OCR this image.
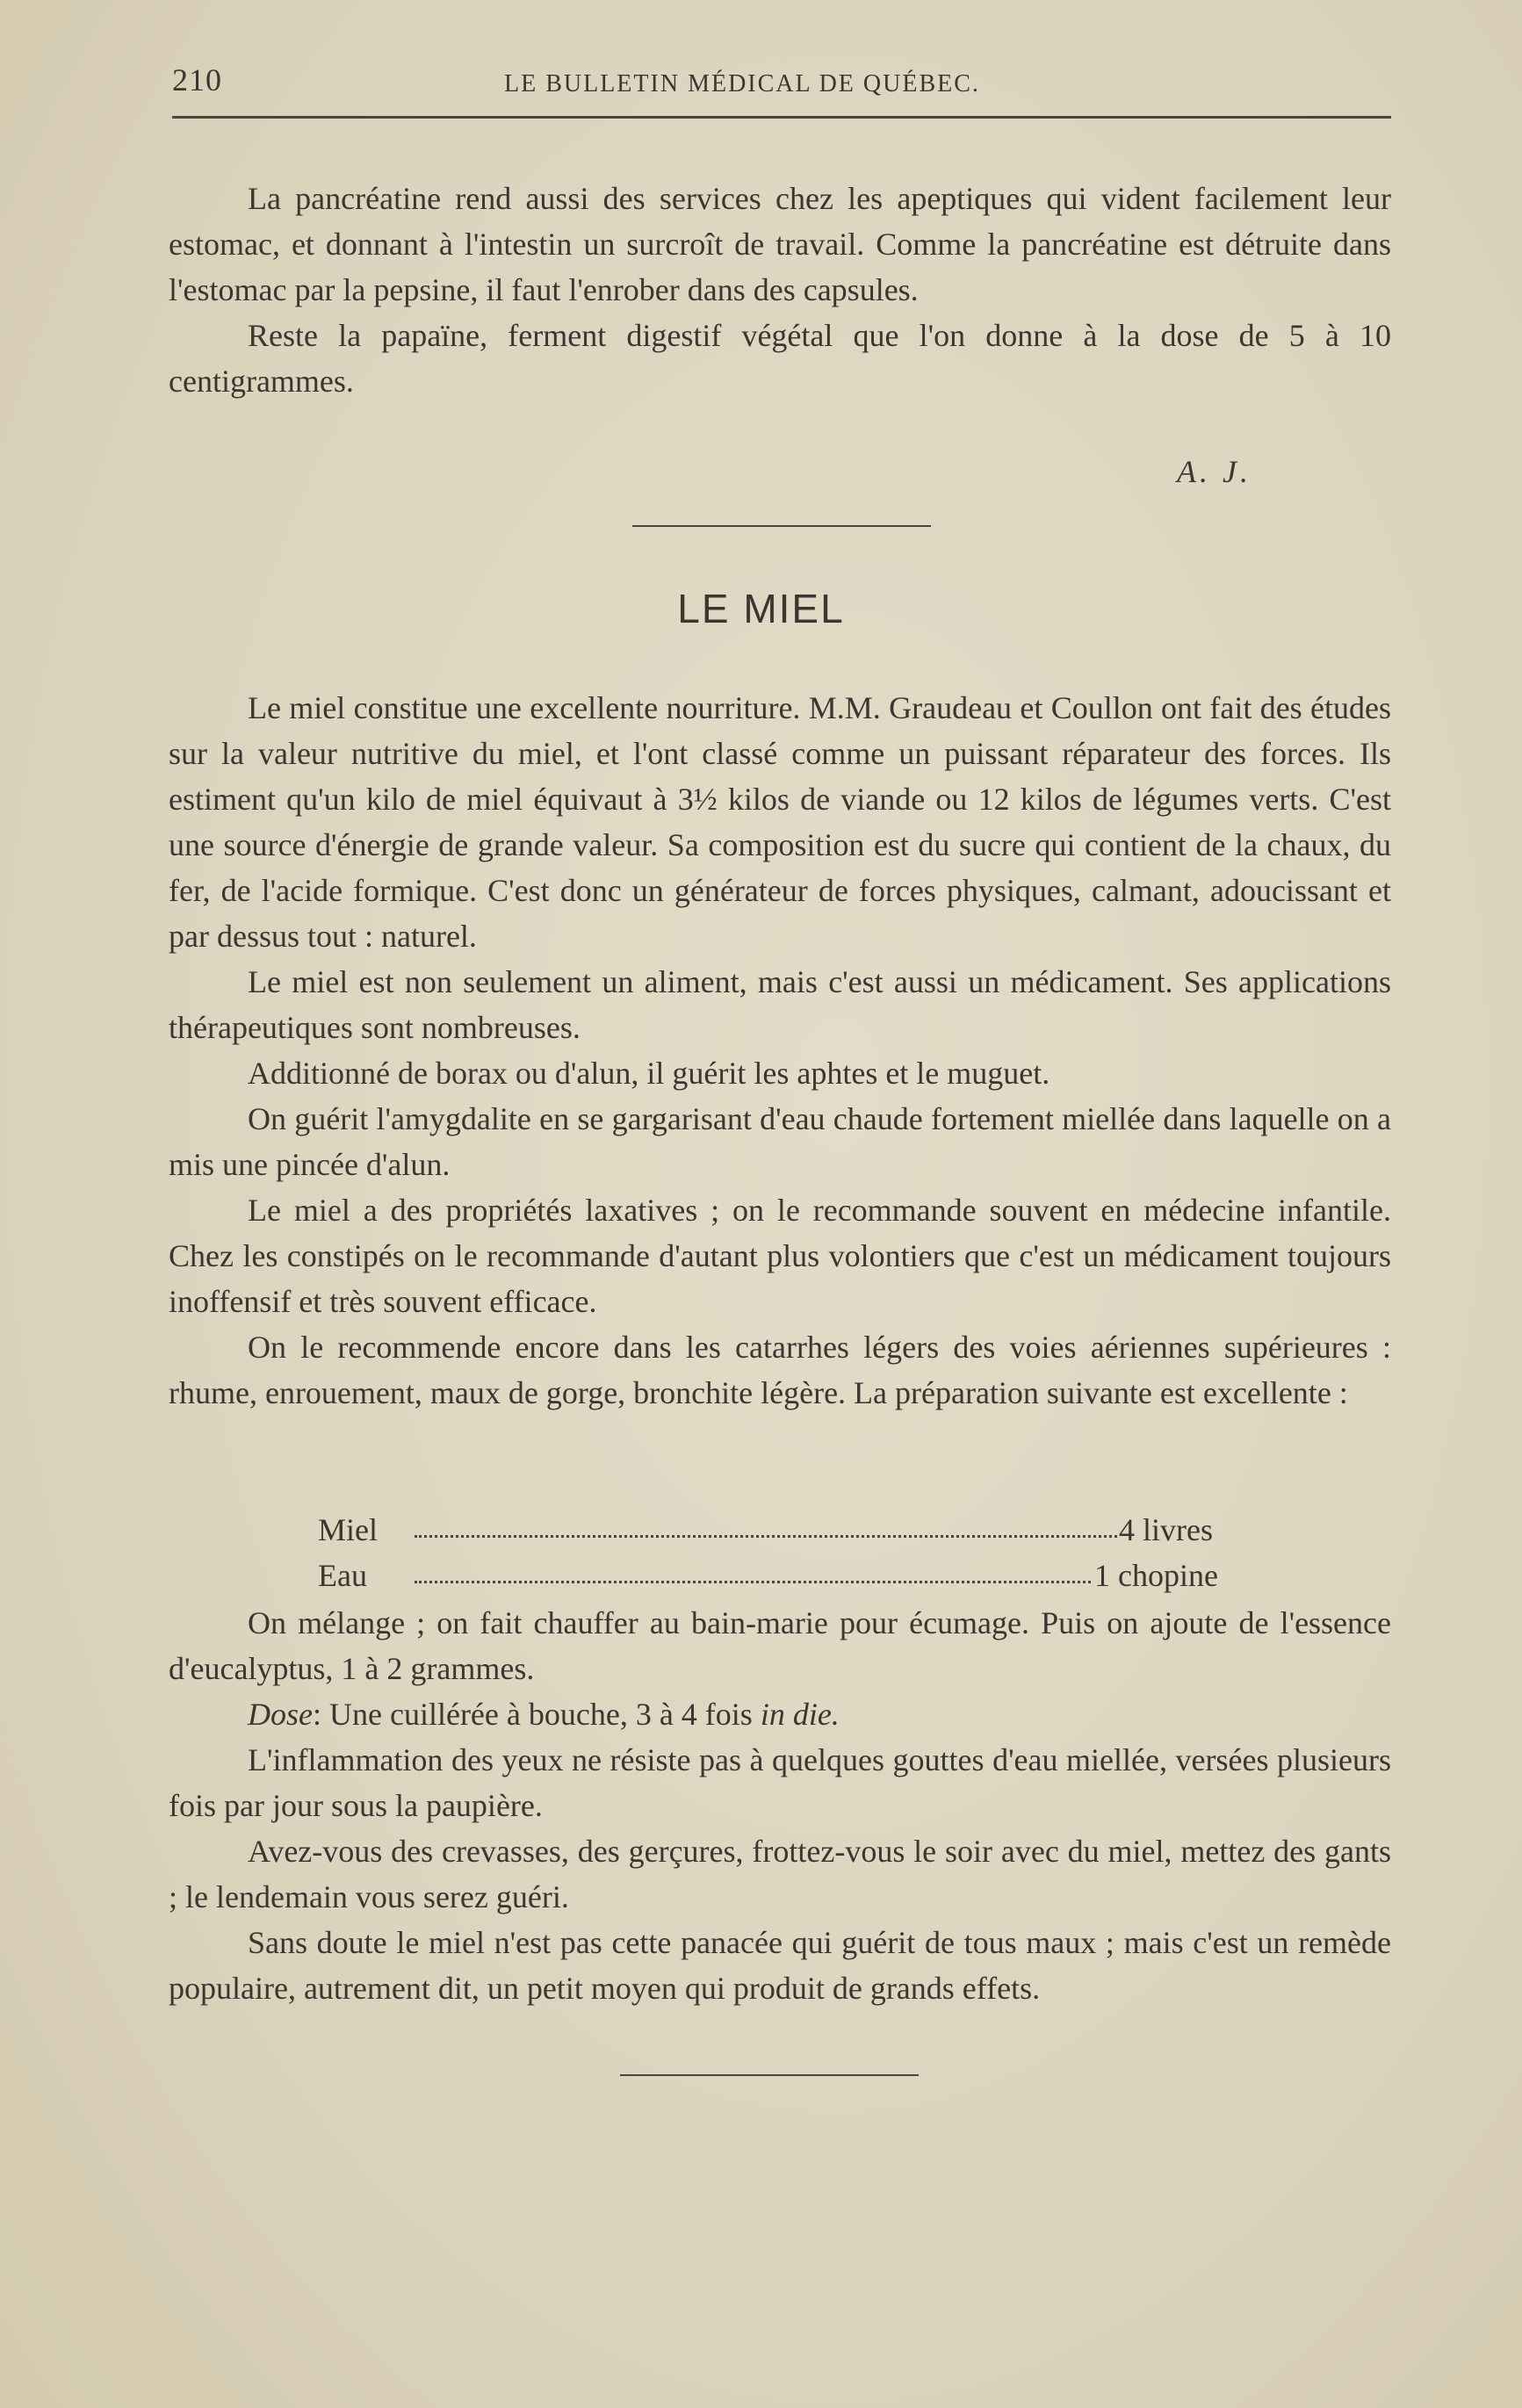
210	LE BULLETIN MÉDICAL DE QUÉBEC.

La pancréatine rend aussi des services chez les apeptiques qui vident facilement leur estomac, et donnant à l'intestin un surcroît de travail. Comme la pancréatine est détruite dans l'estomac par la pepsine, il faut l'enrober dans des capsules.

Reste la papaïne, ferment digestif végétal que l'on donne à la dose de 5 à 10 centigrammes.

A. J.
LE MIEL

Le miel constitue une excellente nourriture. M.M. Graudeau et Coullon ont fait des études sur la valeur nutritive du miel, et l'ont classé comme un puissant réparateur des forces. Ils estiment qu'un kilo de miel équivaut à 3½ kilos de viande ou 12 kilos de légumes verts. C'est une source d'énergie de grande valeur. Sa composition est du sucre qui contient de la chaux, du fer, de l'acide formique. C'est donc un générateur de forces physiques, calmant, adoucissant et par dessus tout : naturel.

Le miel est non seulement un aliment, mais c'est aussi un médicament. Ses applications thérapeutiques sont nombreuses.

Additionné de borax ou d'alun, il guérit les aphtes et le muguet.

On guérit l'amygdalite en se gargarisant d'eau chaude fortement miellée dans laquelle on a mis une pincée d'alun.

Le miel a des propriétés laxatives ; on le recommande souvent en médecine infantile. Chez les constipés on le recommande d'autant plus volontiers que c'est un médicament toujours inoffensif et très souvent efficace.

On le recommende encore dans les catarrhes légers des voies aériennes supérieures : rhume, enrouement, maux de gorge, bronchite légère. La préparation suivante est excellente :

Miel	4 livres
Eau	1 chopine

On mélange ; on fait chauffer au bain-marie pour écumage. Puis on ajoute de l'essence d'eucalyptus, 1 à 2 grammes.

Dose: Une cuillérée à bouche, 3 à 4 fois in die.

L'inflammation des yeux ne résiste pas à quelques gouttes d'eau miellée, versées plusieurs fois par jour sous la paupière.

Avez-vous des crevasses, des gerçures, frottez-vous le soir avec du miel, mettez des gants ; le lendemain vous serez guéri.

Sans doute le miel n'est pas cette panacée qui guérit de tous maux ; mais c'est un remède populaire, autrement dit, un petit moyen qui produit de grands effets.
